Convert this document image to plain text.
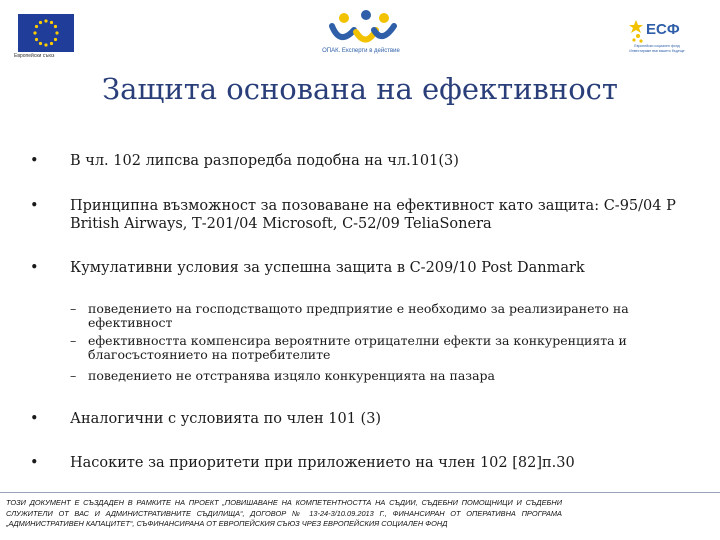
Европейски съюз
ОПАК. Експерти в действие
ЕСФ
Европейски социален фонд Инвестираме във вашето бъдеще
Защита основана на ефективност
• В чл. 102 липсва разпоредба подобна на чл.101(3)
• Принципна възможност за позоваване на ефективност като защита: C-95/04 P British Airways, Т-201/04 Microsoft, C-52/09 TeliaSonera
• Кумулативни условия за успешна защита в С-209/10 Post Danmark
– поведението на господстващото предприятие е необходимо за реализирането на ефективност
– ефективността компенсира вероятните отрицателни ефекти за конкуренцията и благосъстоянието на потребителите
– поведението не отстранява изцяло конкуренцията на пазара
• Аналогични с условията по член 101 (3)
• Насоките за приоритети при приложението на член 102 [82]п.30
ТОЗИ ДОКУМЕНТ Е СЪЗДАДЕН В РАМКИТЕ НА ПРОЕКТ „ПОВИШАВАНЕ НА КОМПЕТЕНТНОСТТА НА СЪДИИ, СЪДЕБНИ ПОМОЩНИЦИ И СЪДЕБНИ СЛУЖИТЕЛИ ОТ ВАС И АДМИНИСТРАТИВНИТЕ СЪДИЛИЩА“, ДОГОВОР № 13-24-3/10.09.2013 Г., ФИНАНСИРАН ОТ ОПЕРАТИВНА ПРОГРАМА „АДМИНИСТРАТИВЕН КАПАЦИТЕТ“, СЪФИНАНСИРАНА ОТ ЕВРОПЕЙСКИЯ СЪЮЗ ЧРЕЗ ЕВРОПЕЙСКИЯ СОЦИАЛЕН ФОНД
